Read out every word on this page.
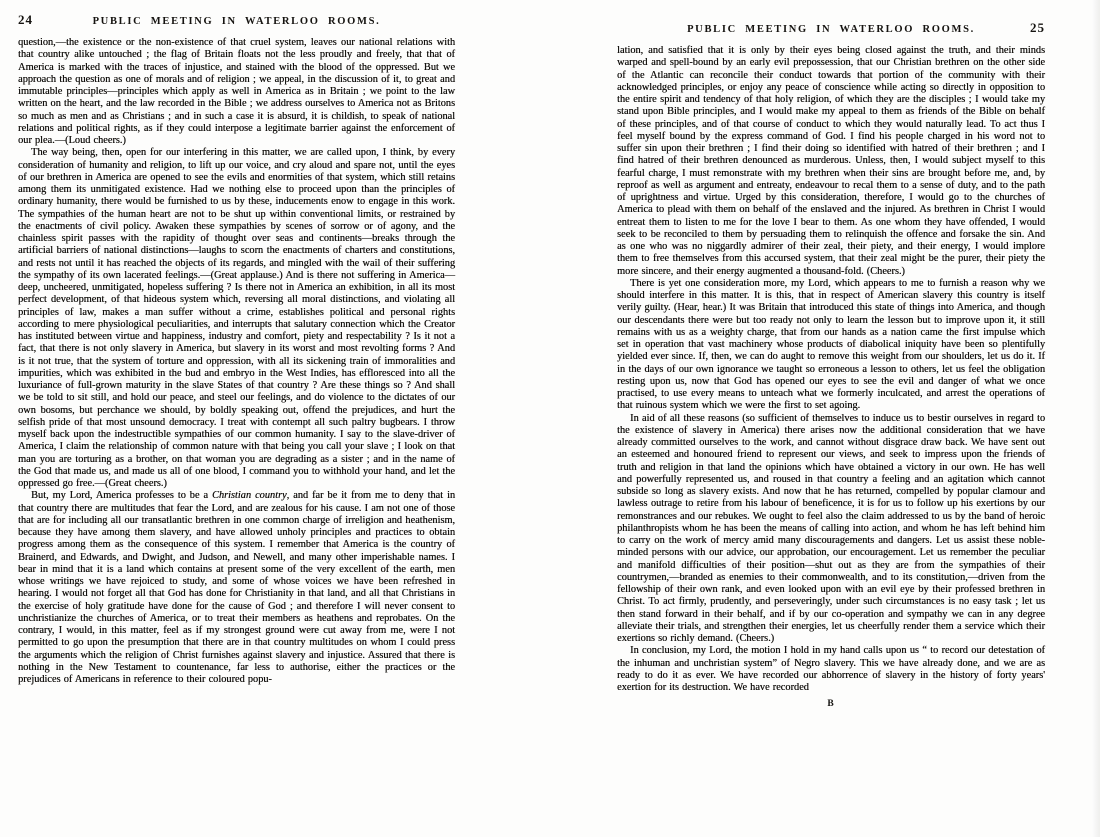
24	PUBLIC MEETING IN WATERLOO ROOMS.

question,—the existence or the non-existence of that cruel system, leaves our national relations with that country alike untouched ; the flag of Britain floats not the less proudly and freely, that that of America is marked with the traces of injustice, and stained with the blood of the oppressed. But we approach the question as one of morals and of religion ; we appeal, in the discussion of it, to great and immutable principles—principles which apply as well in America as in Britain ; we point to the law written on the heart, and the law recorded in the Bible ; we address ourselves to America not as Britons so much as men and as Christians ; and in such a case it is absurd, it is childish, to speak of national relations and political rights, as if they could interpose a legitimate barrier against the enforcement of our plea.—(Loud cheers.)

The way being, then, open for our interfering in this matter, we are called upon, I think, by every consideration of humanity and religion, to lift up our voice, and cry aloud and spare not, until the eyes of our brethren in America are opened to see the evils and enormities of that system, which still retains among them its unmitigated existence. Had we nothing else to proceed upon than the principles of ordinary humanity, there would be furnished to us by these, inducements enow to engage in this work. The sympathies of the human heart are not to be shut up within conventional limits, or restrained by the enactments of civil policy. Awaken these sympathies by scenes of sorrow or of agony, and the chainless spirit passes with the rapidity of thought over seas and continents—breaks through the artificial barriers of national distinctions—laughs to scorn the enactments of charters and constitutions, and rests not until it has reached the objects of its regards, and mingled with the wail of their suffering the sympathy of its own lacerated feelings.—(Great applause.) And is there not suffering in America—deep, uncheered, unmitigated, hopeless suffering ? Is there not in America an exhibition, in all its most perfect development, of that hideous system which, reversing all moral distinctions, and violating all principles of law, makes a man suffer without a crime, establishes political and personal rights according to mere physiological peculiarities, and interrupts that salutary connection which the Creator has instituted between virtue and happiness, industry and comfort, piety and respectability ? Is it not a fact, that there is not only slavery in America, but slavery in its worst and most revolting forms ? And is it not true, that the system of torture and oppression, with all its sickening train of immoralities and impurities, which was exhibited in the bud and embryo in the West Indies, has effloresced into all the luxuriance of full-grown maturity in the slave States of that country ? Are these things so ? And shall we be told to sit still, and hold our peace, and steel our feelings, and do violence to the dictates of our own bosoms, but perchance we should, by boldly speaking out, offend the prejudices, and hurt the selfish pride of that most unsound democracy. I treat with contempt all such paltry bugbears. I throw myself back upon the indestructible sympathies of our common humanity. I say to the slave-driver of America, I claim the relationship of common nature with that being you call your slave ; I look on that man you are torturing as a brother, on that woman you are degrading as a sister ; and in the name of the God that made us, and made us all of one blood, I command you to withhold your hand, and let the oppressed go free.—(Great cheers.)

But, my Lord, America professes to be a Christian country, and far be it from me to deny that in that country there are multitudes that fear the Lord, and are zealous for his cause. I am not one of those that are for including all our transatlantic brethren in one common charge of irreligion and heathenism, because they have among them slavery, and have allowed unholy principles and practices to obtain progress among them as the consequence of this system. I remember that America is the country of Brainerd, and Edwards, and Dwight, and Judson, and Newell, and many other imperishable names. I bear in mind that it is a land which contains at present some of the very excellent of the earth, men whose writings we have rejoiced to study, and some of whose voices we have been refreshed in hearing. I would not forget all that God has done for Christianity in that land, and all that Christians in the exercise of holy gratitude have done for the cause of God ; and therefore I will never consent to unchristianize the churches of America, or to treat their members as heathens and reprobates. On the contrary, I would, in this matter, feel as if my strongest ground were cut away from me, were I not permitted to go upon the presumption that there are in that country multitudes on whom I could press the arguments which the religion of Christ furnishes against slavery and injustice. Assured that there is nothing in the New Testament to countenance, far less to authorise, either the practices or the prejudices of Americans in reference to their coloured popu-

PUBLIC MEETING IN WATERLOO ROOMS.	25

lation, and satisfied that it is only by their eyes being closed against the truth, and their minds warped and spell-bound by an early evil prepossession, that our Christian brethren on the other side of the Atlantic can reconcile their conduct towards that portion of the community with their acknowledged principles, or enjoy any peace of conscience while acting so directly in opposition to the entire spirit and tendency of that holy religion, of which they are the disciples ; I would take my stand upon Bible principles, and I would make my appeal to them as friends of the Bible on behalf of these principles, and of that course of conduct to which they would naturally lead. To act thus I feel myself bound by the express command of God. I find his people charged in his word not to suffer sin upon their brethren ; I find their doing so identified with hatred of their brethren ; and I find hatred of their brethren denounced as murderous. Unless, then, I would subject myself to this fearful charge, I must remonstrate with my brethren when their sins are brought before me, and, by reproof as well as argument and entreaty, endeavour to recal them to a sense of duty, and to the path of uprightness and virtue. Urged by this consideration, therefore, I would go to the churches of America to plead with them on behalf of the enslaved and the injured. As brethren in Christ I would entreat them to listen to me for the love I bear to them. As one whom they have offended, I would seek to be reconciled to them by persuading them to relinquish the offence and forsake the sin. And as one who was no niggardly admirer of their zeal, their piety, and their energy, I would implore them to free themselves from this accursed system, that their zeal might be the purer, their piety the more sincere, and their energy augmented a thousand-fold. (Cheers.)

There is yet one consideration more, my Lord, which appears to me to furnish a reason why we should interfere in this matter. It is this, that in respect of American slavery this country is itself verily guilty. (Hear, hear.) It was Britain that introduced this state of things into America, and though our descendants there were but too ready not only to learn the lesson but to improve upon it, it still remains with us as a weighty charge, that from our hands as a nation came the first impulse which set in operation that vast machinery whose products of diabolical iniquity have been so plentifully yielded ever since. If, then, we can do aught to remove this weight from our shoulders, let us do it. If in the days of our own ignorance we taught so erroneous a lesson to others, let us feel the obligation resting upon us, now that God has opened our eyes to see the evil and danger of what we once practised, to use every means to unteach what we formerly inculcated, and arrest the operations of that ruinous system which we were the first to set agoing.

In aid of all these reasons (so sufficient of themselves to induce us to bestir ourselves in regard to the existence of slavery in America) there arises now the additional consideration that we have already committed ourselves to the work, and cannot without disgrace draw back. We have sent out an esteemed and honoured friend to represent our views, and seek to impress upon the friends of truth and religion in that land the opinions which have obtained a victory in our own. He has well and powerfully represented us, and roused in that country a feeling and an agitation which cannot subside so long as slavery exists. And now that he has returned, compelled by popular clamour and lawless outrage to retire from his labour of beneficence, it is for us to follow up his exertions by our remonstrances and our rebukes. We ought to feel also the claim addressed to us by the band of heroic philanthropists whom he has been the means of calling into action, and whom he has left behind him to carry on the work of mercy amid many discouragements and dangers. Let us assist these noble-minded persons with our advice, our approbation, our encouragement. Let us remember the peculiar and manifold difficulties of their position—shut out as they are from the sympathies of their countrymen,—branded as enemies to their commonwealth, and to its constitution,—driven from the fellowship of their own rank, and even looked upon with an evil eye by their professed brethren in Christ. To act firmly, prudently, and perseveringly, under such circumstances is no easy task ; let us then stand forward in their behalf, and if by our co-operation and sympathy we can in any degree alleviate their trials, and strengthen their energies, let us cheerfully render them a service which their exertions so richly demand. (Cheers.)

In conclusion, my Lord, the motion I hold in my hand calls upon us “ to record our detestation of the inhuman and unchristian system” of Negro slavery. This we have already done, and we are as ready to do it as ever. We have recorded our abhorrence of slavery in the history of forty years' exertion for its destruction. We have recorded

B
